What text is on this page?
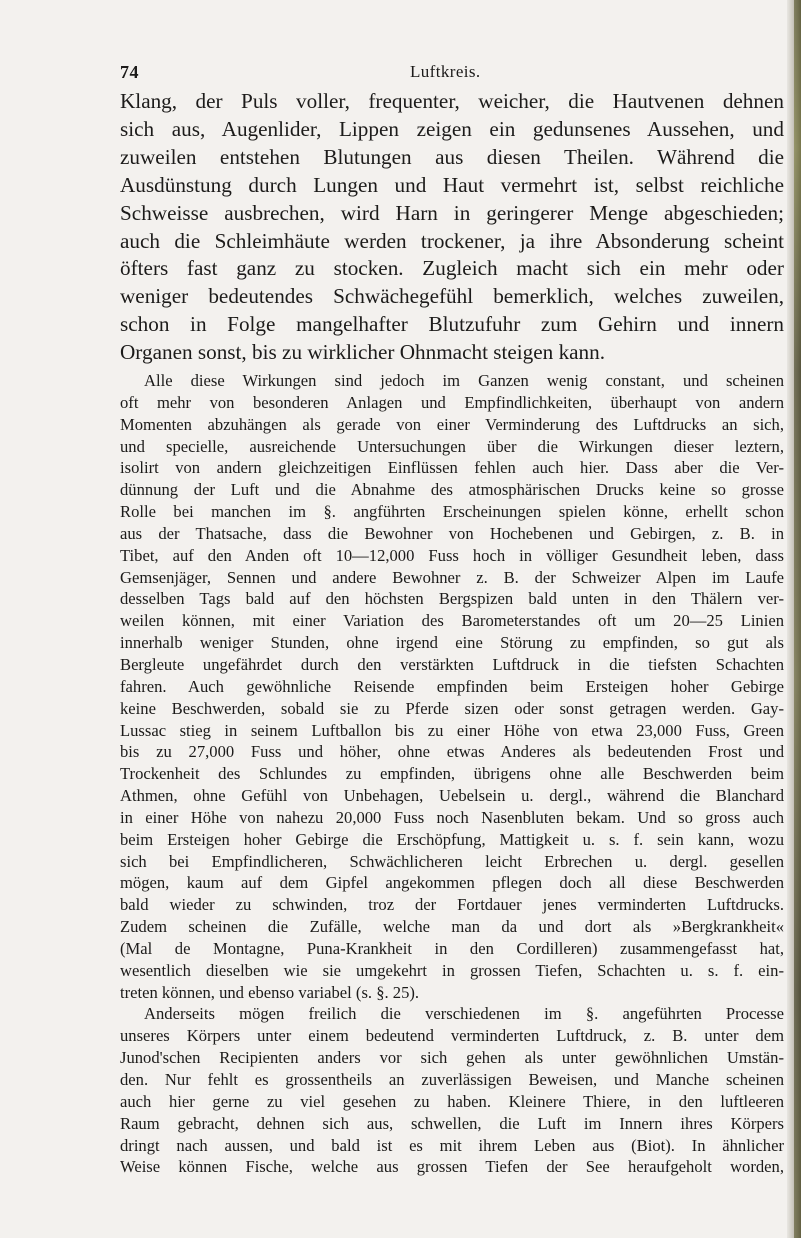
74	Luftkreis.
Klang, der Puls voller, frequenter, weicher, die Hautvenen dehnen
sich aus, Augenlider, Lippen zeigen ein gedunsenes Aussehen, und
zuweilen entstehen Blutungen aus diesen Theilen. Während die
Ausdünstung durch Lungen und Haut vermehrt ist, selbst reichliche
Schweisse ausbrechen, wird Harn in geringerer Menge abgeschieden;
auch die Schleimhäute werden trockener, ja ihre Absonderung scheint
öfters fast ganz zu stocken. Zugleich macht sich ein mehr oder
weniger bedeutendes Schwächegefühl bemerklich, welches zuweilen,
schon in Folge mangelhafter Blutzufuhr zum Gehirn und innern
Organen sonst, bis zu wirklicher Ohnmacht steigen kann.
Alle diese Wirkungen sind jedoch im Ganzen wenig constant, und scheinen
oft mehr von besonderen Anlagen und Empfindlichkeiten, überhaupt von andern
Momenten abzuhängen als gerade von einer Verminderung des Luftdrucks an sich,
und specielle, ausreichende Untersuchungen über die Wirkungen dieser leztern,
isolirt von andern gleichzeitigen Einflüssen fehlen auch hier. Dass aber die Ver-
dünnung der Luft und die Abnahme des atmosphärischen Drucks keine so grosse
Rolle bei manchen im §. angführten Erscheinungen spielen könne, erhellt schon
aus der Thatsache, dass die Bewohner von Hochebenen und Gebirgen, z. B. in
Tibet, auf den Anden oft 10—12,000 Fuss hoch in völliger Gesundheit leben, dass
Gemsenjäger, Sennen und andere Bewohner z. B. der Schweizer Alpen im Laufe
desselben Tags bald auf den höchsten Bergspizen bald unten in den Thälern ver-
weilen können, mit einer Variation des Barometerstandes oft um 20—25 Linien
innerhalb weniger Stunden, ohne irgend eine Störung zu empfinden, so gut als
Bergleute ungefährdet durch den verstärkten Luftdruck in die tiefsten Schachten
fahren. Auch gewöhnliche Reisende empfinden beim Ersteigen hoher Gebirge
keine Beschwerden, sobald sie zu Pferde sizen oder sonst getragen werden. Gay-
Lussac stieg in seinem Luftballon bis zu einer Höhe von etwa 23,000 Fuss, Green
bis zu 27,000 Fuss und höher, ohne etwas Anderes als bedeutenden Frost und
Trockenheit des Schlundes zu empfinden, übrigens ohne alle Beschwerden beim
Athmen, ohne Gefühl von Unbehagen, Uebelsein u. dergl., während die Blanchard
in einer Höhe von nahezu 20,000 Fuss noch Nasenbluten bekam. Und so gross auch
beim Ersteigen hoher Gebirge die Erschöpfung, Mattigkeit u. s. f. sein kann, wozu
sich bei Empfindlicheren, Schwächlicheren leicht Erbrechen u. dergl. gesellen
mögen, kaum auf dem Gipfel angekommen pflegen doch all diese Beschwerden
bald wieder zu schwinden, troz der Fortdauer jenes verminderten Luftdrucks.
Zudem scheinen die Zufälle, welche man da und dort als »Bergkrankheit«
(Mal de Montagne, Puna-Krankheit in den Cordilleren) zusammengefasst hat,
wesentlich dieselben wie sie umgekehrt in grossen Tiefen, Schachten u. s. f. ein-
treten können, und ebenso variabel (s. §. 25).
Anderseits mögen freilich die verschiedenen im §. angeführten Processe
unseres Körpers unter einem bedeutend verminderten Luftdruck, z. B. unter dem
Junod'schen Recipienten anders vor sich gehen als unter gewöhnlichen Umstän-
den. Nur fehlt es grossentheils an zuverlässigen Beweisen, und Manche scheinen
auch hier gerne zu viel gesehen zu haben. Kleinere Thiere, in den luftleeren
Raum gebracht, dehnen sich aus, schwellen, die Luft im Innern ihres Körpers
dringt nach aussen, und bald ist es mit ihrem Leben aus (Biot). In ähnlicher
Weise können Fische, welche aus grossen Tiefen der See heraufgeholt worden,
